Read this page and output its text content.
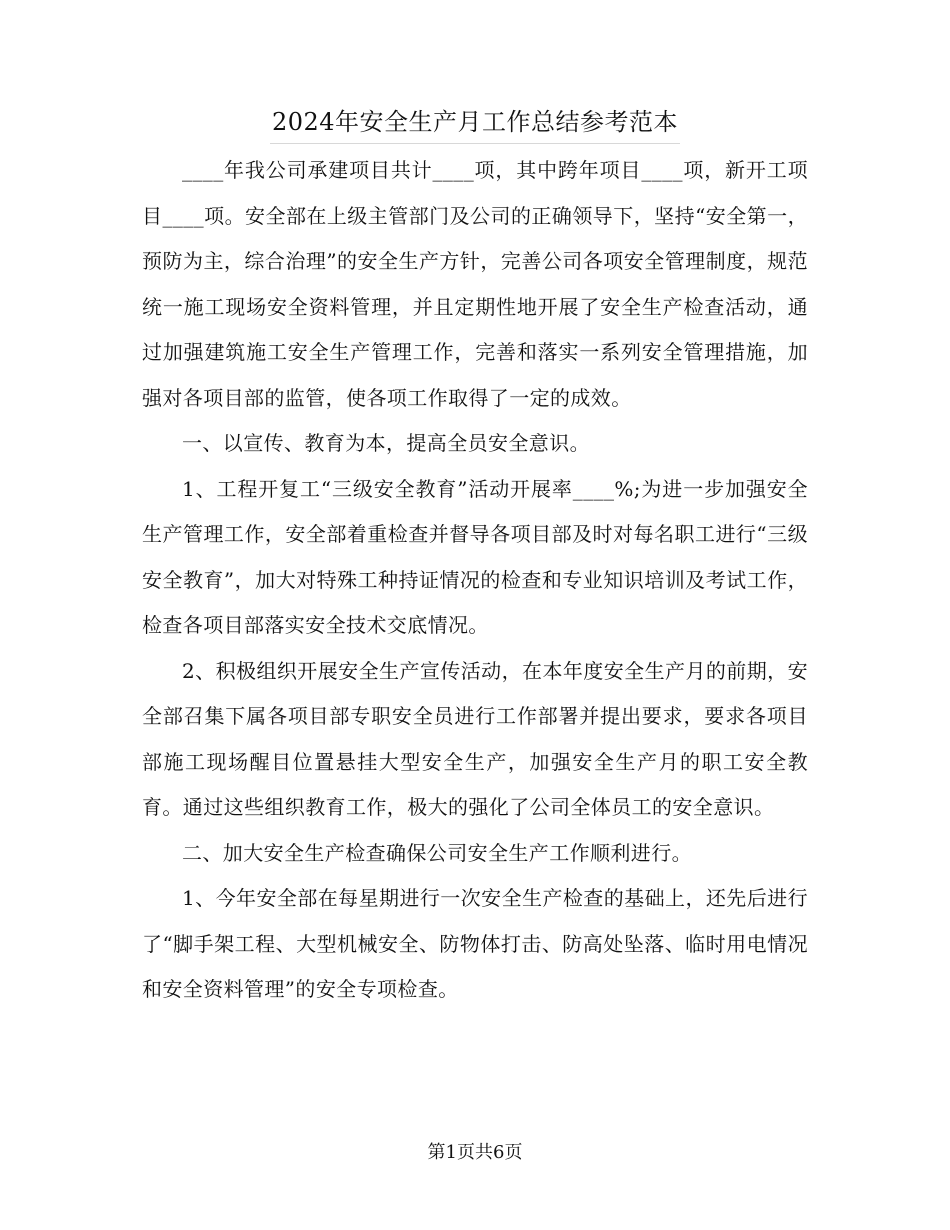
2024年安全生产月工作总结参考范本

____年我公司承建项目共计____项，其中跨年项目____项，新开工项目____项。安全部在上级主管部门及公司的正确领导下，坚持“安全第一，预防为主，综合治理”的安全生产方针，完善公司各项安全管理制度，规范统一施工现场安全资料管理，并且定期性地开展了安全生产检查活动，通过加强建筑施工安全生产管理工作，完善和落实一系列安全管理措施，加强对各项目部的监管，使各项工作取得了一定的成效。

一、以宣传、教育为本，提高全员安全意识。

1、工程开复工“三级安全教育”活动开展率____%;为进一步加强安全生产管理工作，安全部着重检查并督导各项目部及时对每名职工进行“三级安全教育”，加大对特殊工种持证情况的检查和专业知识培训及考试工作，检查各项目部落实安全技术交底情况。

2、积极组织开展安全生产宣传活动，在本年度安全生产月的前期，安全部召集下属各项目部专职安全员进行工作部署并提出要求，要求各项目部施工现场醒目位置悬挂大型安全生产，加强安全生产月的职工安全教育。通过这些组织教育工作，极大的强化了公司全体员工的安全意识。

二、加大安全生产检查确保公司安全生产工作顺利进行。

1、今年安全部在每星期进行一次安全生产检查的基础上，还先后进行了“脚手架工程、大型机械安全、防物体打击、防高处坠落、临时用电情况和安全资料管理”的安全专项检查。

第1页共6页
